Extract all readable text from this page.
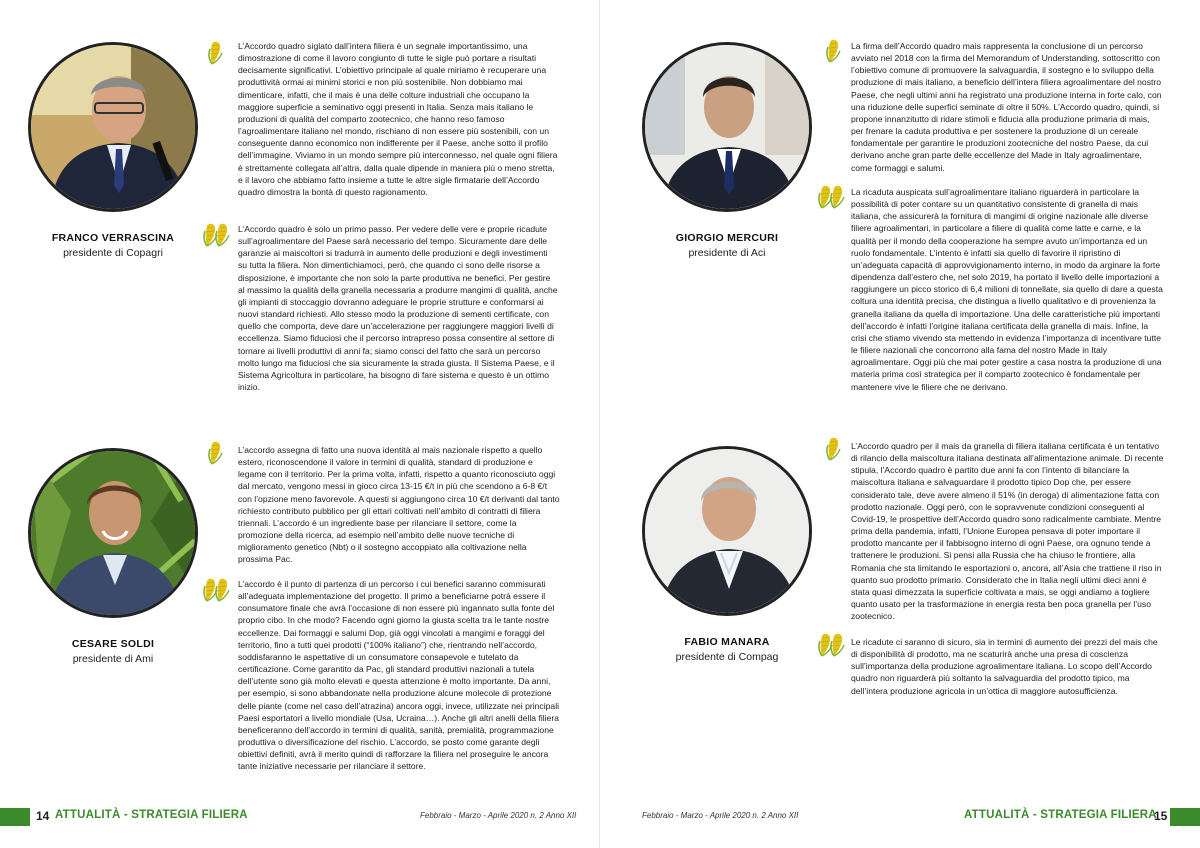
FRANCO VERRASCINA
presidente di Copagri

L’Accordo quadro siglato dall’intera filiera è un segnale importantissimo, una dimostrazione di come il lavoro congiunto di tutte le sigle può portare a risultati decisamente significativi. L’obiettivo principale al quale miriamo è recuperare una produttività ormai ai minimi storici e non più sostenibile. Non dobbiamo mai dimenticare, infatti, che il mais è una delle colture industriali che occupano la maggiore superficie a seminativo oggi presenti in Italia. Senza mais italiano le produzioni di qualità del comparto zootecnico, che hanno reso famoso l’agroalimentare italiano nel mondo, rischiano di non essere più sostenibili, con un conseguente danno economico non indifferente per il Paese, anche sotto il profilo dell’immagine. Viviamo in un mondo sempre più interconnesso, nel quale ogni filiera è strettamente collegata all’altra, dalla quale dipende in maniera più o meno stretta, e il lavoro che abbiamo fatto insieme a tutte le altre sigle firmatarie dell’Accordo quadro dimostra la bontà di questo ragionamento.

L’Accordo quadro è solo un primo passo. Per vedere delle vere e proprie ricadute sull’agroalimentare del Paese sarà necessario del tempo. Sicuramente dare delle garanzie ai maiscoltori si tradurrà in aumento delle produzioni e degli investimenti su tutta la filiera. Non dimentichiamoci, però, che quando ci sono delle risorse a disposizione, è importante che non solo la parte produttiva ne benefici. Per gestire al massimo la qualità della granella necessaria a produrre mangimi di qualità, anche gli impianti di stoccaggio dovranno adeguare le proprie strutture e conformarsi ai nuovi standard richiesti. Allo stesso modo la produzione di sementi certificate, con quello che comporta, deve dare un’accelerazione per raggiungere maggiori livelli di eccellenza. Siamo fiduciosi che il percorso intrapreso possa consentire al settore di tornare ai livelli produttivi di anni fa; siamo consci del fatto che sarà un percorso molto lungo ma fiduciosi che sia sicuramente la strada giusta. Il Sistema Paese, e il Sistema Agricoltura in particolare, ha bisogno di fare sistema e questo è un ottimo inizio.

GIORGIO MERCURI
presidente di Aci

La firma dell’Accordo quadro mais rappresenta la conclusione di un percorso avviato nel 2018 con la firma del Memorandum of Understanding, sottoscritto con l’obiettivo comune di promuovere la salvaguardia, il sostegno e lo sviluppo della produzione di mais italiano, a beneficio dell’intera filiera agroalimentare del nostro Paese, che negli ultimi anni ha registrato una produzione interna in forte calo, con una riduzione delle superfici seminate di oltre il 50%. L’Accordo quadro, quindi, si propone innanzitutto di ridare stimoli e fiducia alla produzione primaria di mais, per frenare la caduta produttiva e per sostenere la produzione di un cereale fondamentale per garantire le produzioni zootecniche del nostro Paese, da cui derivano anche gran parte delle eccellenze del Made in Italy agroalimentare, come formaggi e salumi.

La ricaduta auspicata sull’agroalimentare italiano riguarderà in particolare la possibilità di poter contare su un quantitativo consistente di granella di mais italiana, che assicurerà la fornitura di mangimi di origine nazionale alle diverse filiere agroalimentari, in particolare a filiere di qualità come latte e carne, e la qualità per il mondo della cooperazione ha sempre avuto un’importanza ed un ruolo fondamentale. L’intento è infatti sia quello di favorire il ripristino di un’adeguata capacità di approvvigionamento interno, in modo da arginare la forte dipendenza dall’estero che, nel solo 2019, ha portato il livello delle importazioni a raggiungere un picco storico di 6,4 milioni di tonnellate, sia quello di dare a questa coltura una identità precisa, che distingua a livello qualitativo e di provenienza la granella italiana da quella di importazione. Una delle caratteristiche più importanti dell’accordo è infatti l’origine italiana certificata della granella di mais. Infine, la crisi che stiamo vivendo sta mettendo in evidenza l’importanza di incentivare tutte le filiere nazionali che concorrono alla fama del nostro Made in Italy agroalimentare. Oggi più che mai poter gestire a casa nostra la produzione di una materia prima così strategica per il comparto zootecnico è fondamentale per mantenere vive le filiere che ne derivano.

CESARE SOLDI
presidente di Ami

L’accordo assegna di fatto una nuova identità al mais nazionale rispetto a quello estero, riconoscendone il valore in termini di qualità, standard di produzione e legame con il territorio. Per la prima volta, infatti, rispetto a quanto riconosciuto oggi dal mercato, vengono messi in gioco circa 13-15 €/t in più che scendono a 6-8 €/t con l’opzione meno favorevole. A questi si aggiungono circa 10 €/t derivanti dal tanto richiesto contributo pubblico per gli ettari coltivati nell’ambito di contratti di filiera triennali. L’accordo è un ingrediente base per rilanciare il settore, come la promozione della ricerca, ad esempio nell’ambito delle nuove tecniche di miglioramento genetico (Nbt) o il sostegno accoppiato alla coltivazione nella prossima Pac.

L’accordo è il punto di partenza di un percorso i cui benefici saranno commisurati all’adeguata implementazione del progetto. Il primo a beneficiarne potrà essere il consumatore finale che avrà l’occasione di non essere più ingannato sulla fonte del proprio cibo. In che modo? Facendo ogni giorno la giusta scelta tra le tante nostre eccellenze. Dai formaggi e salumi Dop, già oggi vincolati a mangimi e foraggi del territorio, fino a tutti quei prodotti (“100% italiano”) che, rientrando nell’accordo, soddisfaranno le aspettative di un consumatore consapevole e tutelato da certificazione. Come garantito da Pac, gli standard produttivi nazionali a tutela dell’utente sono già molto elevati e questa attenzione è molto importante. Da anni, per esempio, si sono abbandonate nella produzione alcune molecole di protezione delle piante (come nel caso dell’atrazina) ancora oggi, invece, utilizzate nei principali Paesi esportatori a livello mondiale (Usa, Ucraina…). Anche gli altri anelli della filiera beneficeranno dell’accordo in termini di qualità, sanità, premialità, programmazione produttiva o diversificazione del rischio. L’accordo, se posto come garante degli obiettivi definiti, avrà il merito quindi di rafforzare la filiera nel proseguire le ancora tante iniziative necessarie per rilanciare il settore.

FABIO MANARA
presidente di Compag

L’Accordo quadro per il mais da granella di filiera italiana certificata è un tentativo di rilancio della maiscoltura italiana destinata all’alimentazione animale. Di recente stipula, l’Accordo quadro è partito due anni fa con l’intento di bilanciare la maiscoltura italiana e salvaguardare il prodotto tipico Dop che, per essere considerato tale, deve avere almeno il 51% (in deroga) di alimentazione fatta con prodotto nazionale. Oggi però, con le sopravvenute condizioni conseguenti al Covid-19, le prospettive dell’Accordo quadro sono radicalmente cambiate. Mentre prima della pandemia, infatti, l’Unione Europea pensava di poter importare il prodotto mancante per il fabbisogno interno di ogni Paese, ora ognuno tende a trattenere le produzioni. Si pensi alla Russia che ha chiuso le frontiere, alla Romania che sta limitando le esportazioni o, ancora, all’Asia che trattiene il riso in quanto suo prodotto primario. Considerato che in Italia negli ultimi dieci anni è stata quasi dimezzata la superficie coltivata a mais, se oggi andiamo a togliere quanto usato per la trasformazione in energia resta ben poca granella per l’uso zootecnico.

Le ricadute ci saranno di sicuro, sia in termini di aumento dei prezzi del mais che di disponibilità di prodotto, ma ne scaturirà anche una presa di coscienza sull’importanza della produzione agroalimentare italiana. Lo scopo dell’Accordo quadro non riguarderà più soltanto la salvaguardia del prodotto tipico, ma dell’intera produzione agricola in un’ottica di maggiore autosufficienza.

14 ATTUALITÀ - STRATEGIA FILIERA	Febbraio - Marzo - Aprile 2020 n. 2 Anno XII	Febbraio - Marzo - Aprile 2020 n. 2 Anno XII	ATTUALITÀ - STRATEGIA FILIERA
15
